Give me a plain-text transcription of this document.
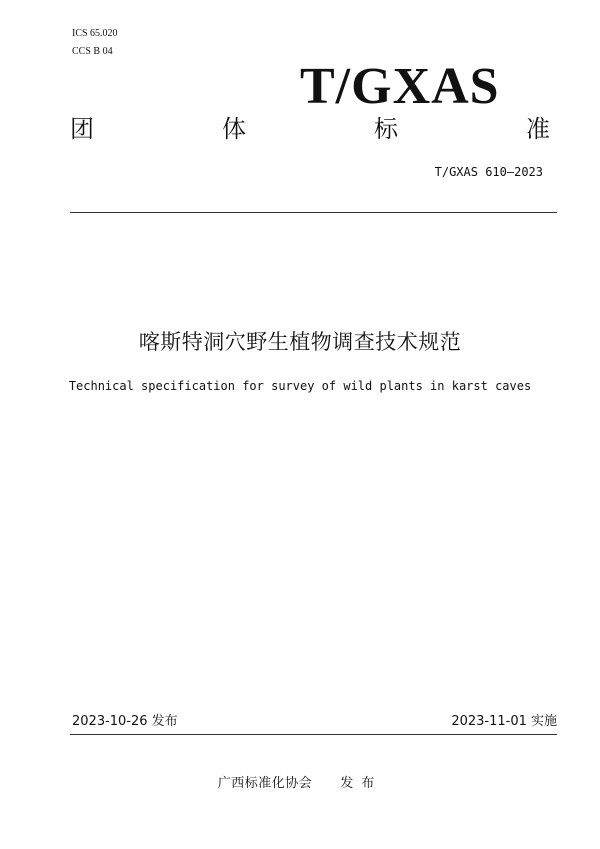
ICS 65.020
CCS B 04
T/GXAS
团	体	标	准
T/GXAS 610—2023
喀斯特洞穴野生植物调查技术规范
Technical specification for survey of wild plants in karst caves
2023-10-26 发布	2023-11-01 实施
广西标准化协会 发布
